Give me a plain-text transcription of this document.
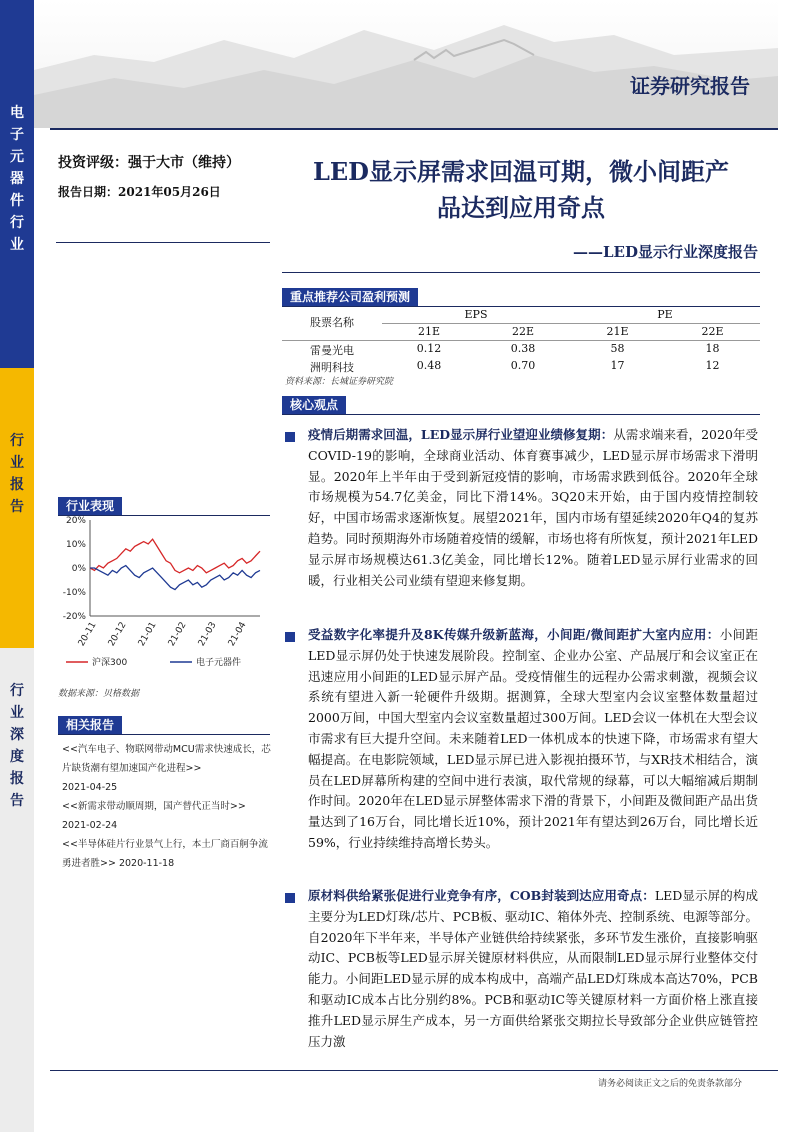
电
子
元
器
件
行
业
行
业
报
告
行
业
深
度
报
告
证券研究报告
投资评级：强于大市（维持）
报告日期：2021年05月26日
LED显示屏需求回温可期，微小间距产
品达到应用奇点
——LED显示行业深度报告
重点推荐公司盈利预测
股票名称
EPS	PE
21E	22E	21E	22E
雷曼光电	0.12	0.38	58	18
洲明科技	0.48	0.70	17	12
资料来源：长城证券研究院
核心观点
疫情后期需求回温，LED显示屏行业望迎业绩修复期：从需求端来看，2020年受COVID-19的影响，全球商业活动、体育赛事减少，LED显示屏市场需求下滑明显。2020年上半年由于受到新冠疫情的影响，市场需求跌到低谷。2020年全球市场规模为54.7亿美金，同比下滑14%。3Q20末开始，由于国内疫情控制较好，中国市场需求逐渐恢复。展望2021年，国内市场有望延续2020年Q4的复苏趋势。同时预期海外市场随着疫情的缓解，市场也将有所恢复，预计2021年LED显示屏市场规模达61.3亿美金，同比增长12%。随着LED显示屏行业需求的回暖，行业相关公司业绩有望迎来修复期。
受益数字化率提升及8K传媒升级新蓝海，小间距/微间距扩大室内应用：小间距LED显示屏仍处于快速发展阶段。控制室、企业办公室、产品展厅和会议室正在迅速应用小间距的LED显示屏产品。受疫情催生的远程办公需求刺激，视频会议系统有望进入新一轮硬件升级期。据测算，全球大型室内会议室整体数量超过2000万间，中国大型室内会议室数量超过300万间。LED会议一体机在大型会议市需求有巨大提升空间。未来随着LED一体机成本的快速下降，市场需求有望大幅提高。在电影院领域，LED显示屏已进入影视拍摄环节，与XR技术相结合，演员在LED屏幕所构建的空间中进行表演，取代常规的绿幕，可以大幅缩减后期制作时间。2020年在LED显示屏整体需求下滑的背景下，小间距及微间距产品出货量达到了16万台，同比增长近10%，预计2021年有望达到26万台，同比增长近59%，行业持续维持高增长势头。
原材料供给紧张促进行业竞争有序，COB封装到达应用奇点：LED显示屏的构成主要分为LED灯珠/芯片、PCB板、驱动IC、箱体外壳、控制系统、电源等部分。自2020年下半年来，半导体产业链供给持续紧张，多环节发生涨价，直接影响驱动IC、PCB板等LED显示屏关键原材料供应，从而限制LED显示屏行业整体交付能力。小间距LED显示屏的成本构成中，高端产品LED灯珠成本高达70%，PCB和驱动IC成本占比分别约8%。PCB和驱动IC等关键原材料一方面价格上涨直接推升LED显示屏生产成本，另一方面供给紧张交期拉长导致部分企业供应链管控压力激
行业表现
20%
10%
0%
-10%
-20%
20-11 20-12 21-01 21-02 21-03 21-04
沪深300	电子元器件
数据来源：贝格数据
相关报告
<<汽车电子、物联网带动MCU需求快速成长，芯片缺货潮有望加速国产化进程>>
2021-04-25
<<新需求带动顺周期，国产替代正当时>>
2021-02-24
<<半导体硅片行业景气上行，本土厂商百舸争流勇进者胜>> 2020-11-18
请务必阅读正文之后的免责条款部分
